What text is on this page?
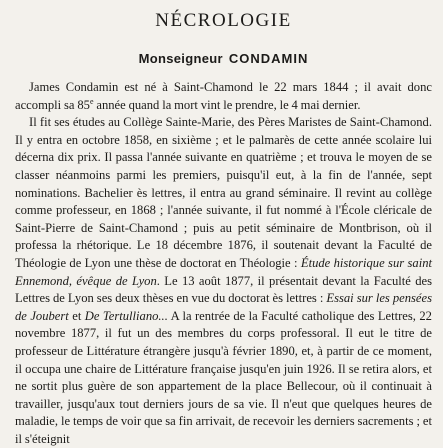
NÉCROLOGIE
Monseigneur CONDAMIN

James Condamin est né à Saint-Chamond le 22 mars 1844 ; il avait donc accompli sa 85e année quand la mort vint le prendre, le 4 mai dernier.

Il fit ses études au Collège Sainte-Marie, des Pères Maristes de Saint-Chamond. Il y entra en octobre 1858, en sixième ; et le palmarès de cette année scolaire lui décerna dix prix. Il passa l'année suivante en quatrième ; et trouva le moyen de se classer néanmoins parmi les premiers, puisqu'il eut, à la fin de l'année, sept nominations. Bachelier ès lettres, il entra au grand séminaire. Il revint au collège comme professeur, en 1868 ; l'année suivante, il fut nommé à l'École cléricale de Saint-Pierre de Saint-Chamond ; puis au petit séminaire de Montbrison, où il professa la rhétorique. Le 18 décembre 1876, il soutenait devant la Faculté de Théologie de Lyon une thèse de doctorat en Théologie : Étude historique sur saint Ennemond, évêque de Lyon. Le 13 août 1877, il présentait devant la Faculté des Lettres de Lyon ses deux thèses en vue du doctorat ès lettres : Essai sur les pensées de Joubert et De Tertulliano... A la rentrée de la Faculté catholique des Lettres, 22 novembre 1877, il fut un des membres du corps professoral. Il eut le titre de professeur de Littérature étrangère jusqu'à février 1890, et, à partir de ce moment, il occupa une chaire de Littérature française jusqu'en juin 1926. Il se retira alors, et ne sortit plus guère de son appartement de la place Bellecour, où il continuait à travailler, jusqu'aux tout derniers jours de sa vie. Il n'eut que quelques heures de maladie, le temps de voir que sa fin arrivait, de recevoir les derniers sacrements ; et il s'éteignit
